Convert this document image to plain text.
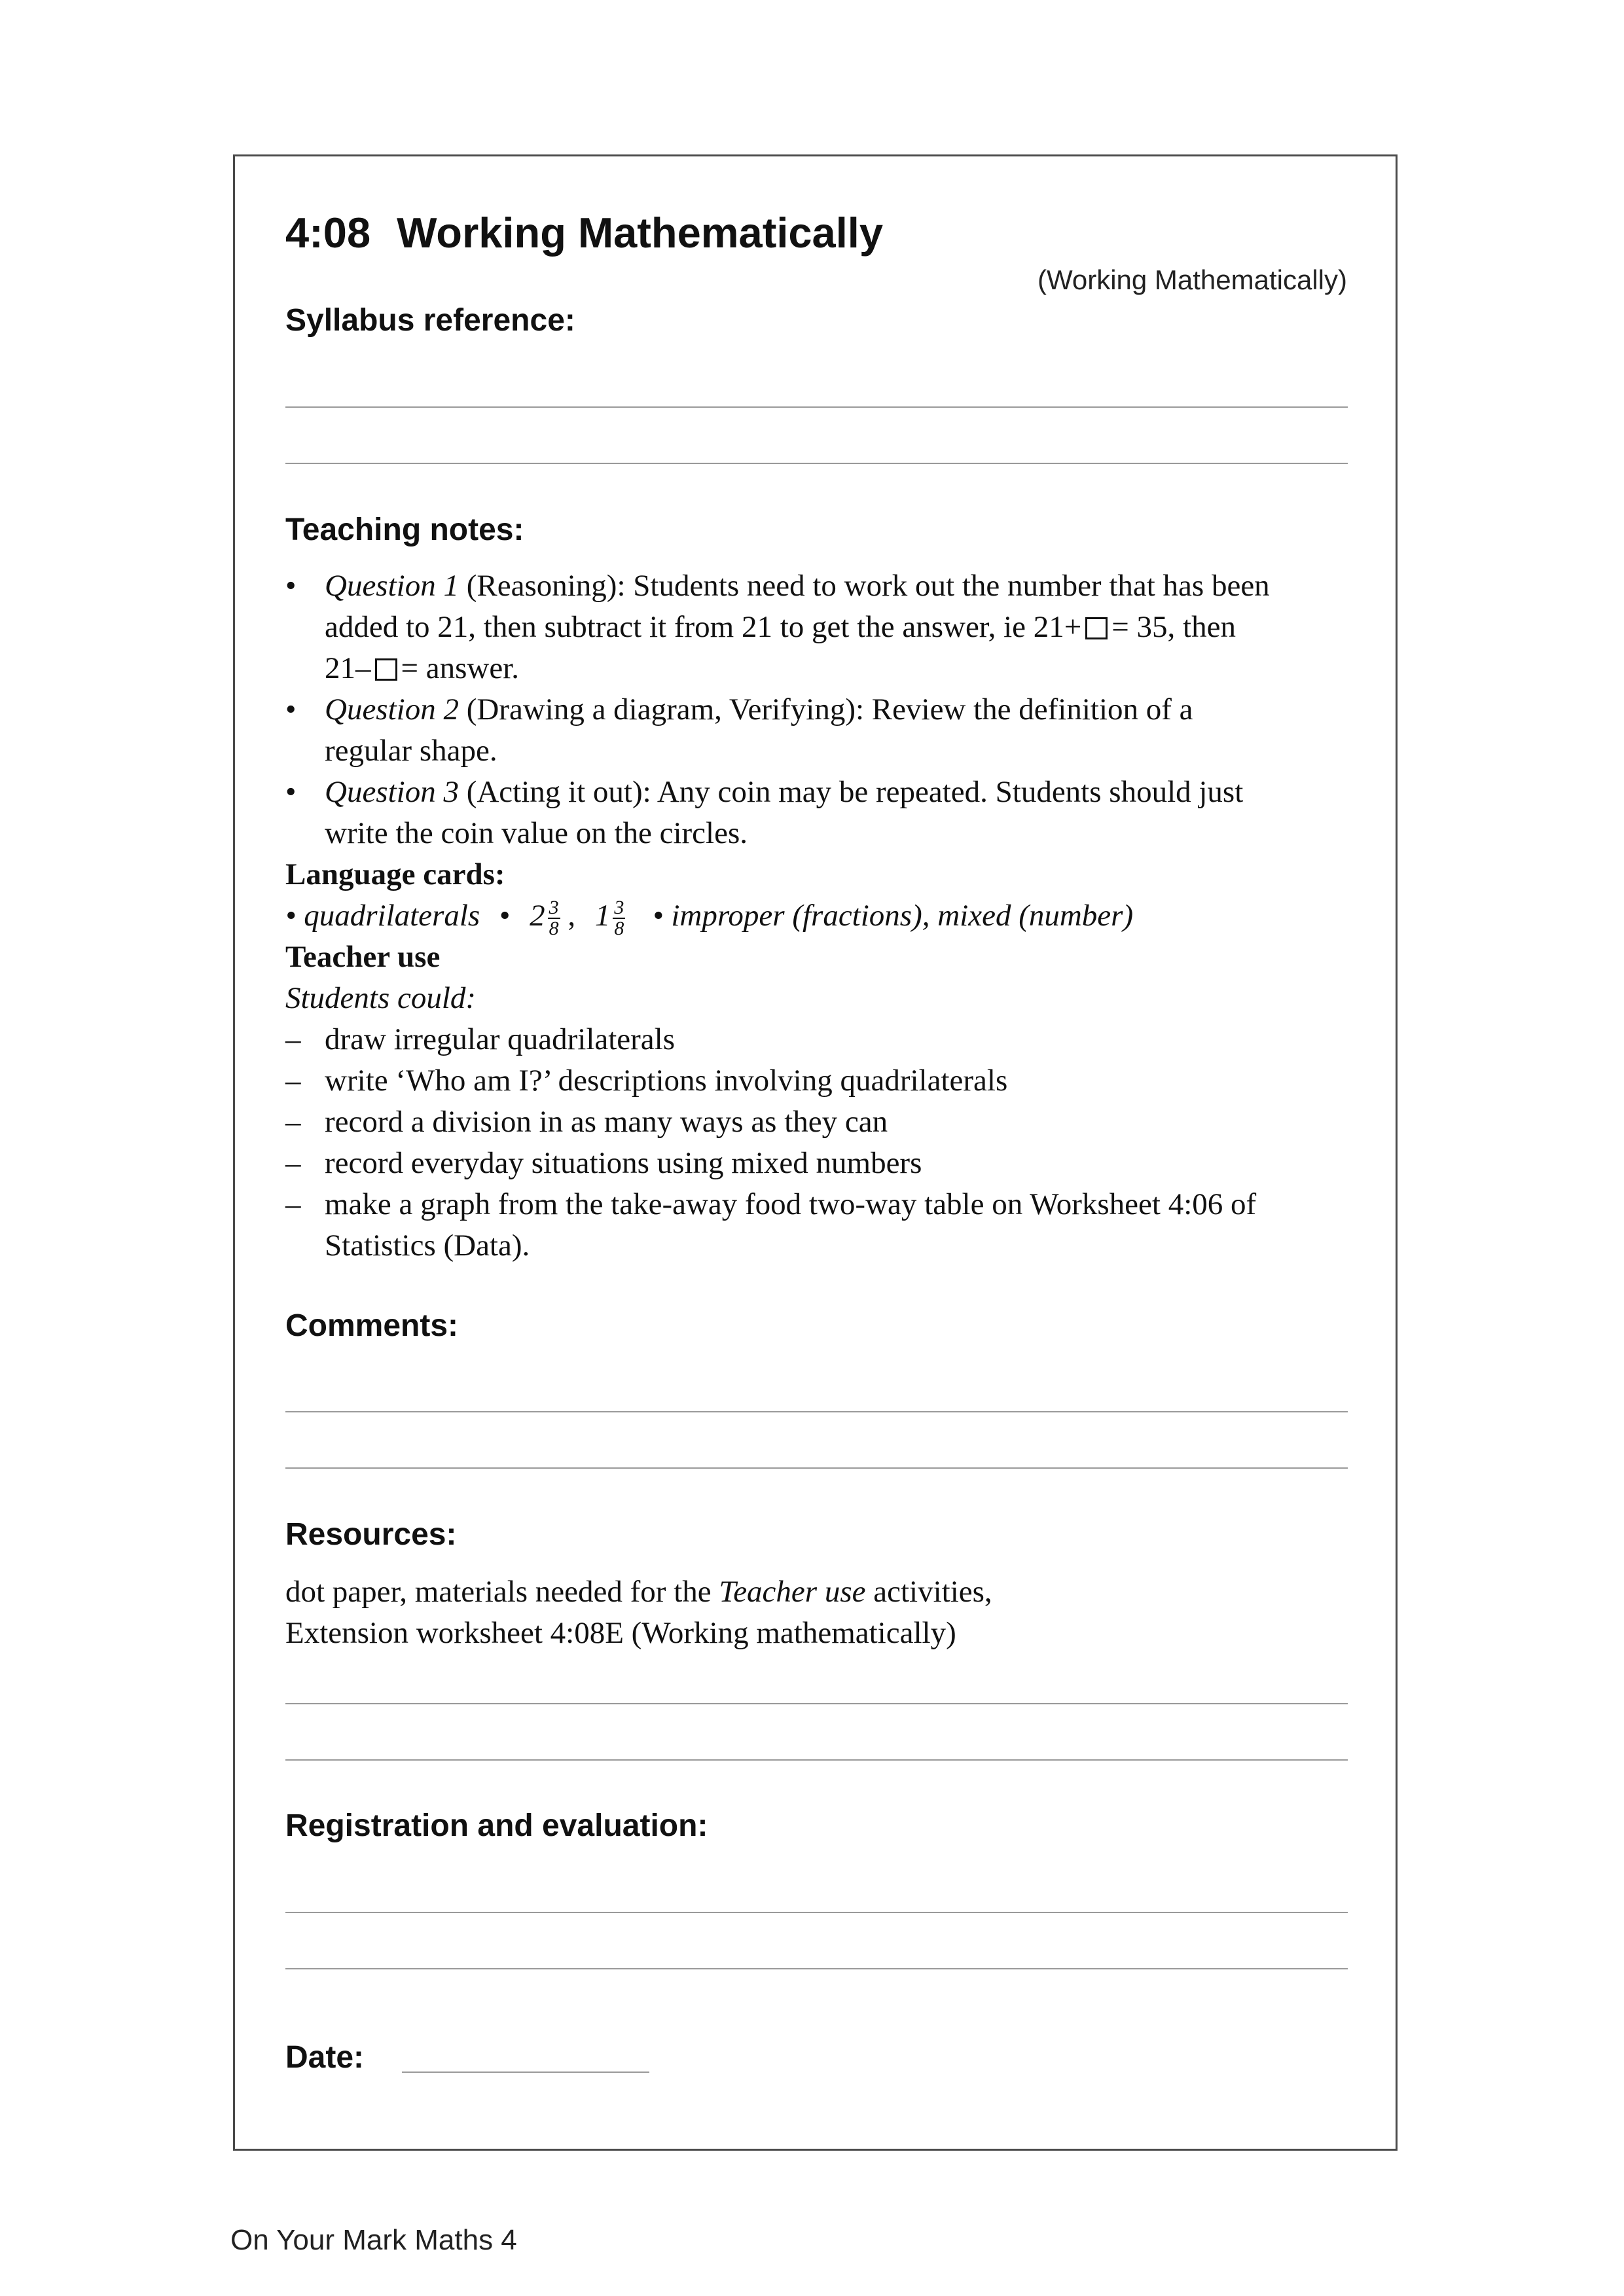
4:08 Working Mathematically
(Working Mathematically)
Syllabus reference:
Teaching notes:
• Question 1 (Reasoning): Students need to work out the number that has been
added to 21, then subtract it from 21 to get the answer, ie 21+ = 35, then
21– = answer.
• Question 2 (Drawing a diagram, Verifying): Review the definition of a
regular shape.
• Question 3 (Acting it out): Any coin may be repeated. Students should just
write the coin value on the circles.
Language cards:
• quadrilaterals • $2 \frac{3}{8}$ , $1 \frac{3}{8}$ • improper (fractions), mixed (number)
Teacher use
Students could:
– draw irregular quadrilaterals
– write ‘Who am I?’ descriptions involving quadrilaterals
– record a division in as many ways as they can
– record everyday situations using mixed numbers
– make a graph from the take-away food two-way table on Worksheet 4:06 of
Statistics (Data).
Comments:
Resources:
dot paper, materials needed for the Teacher use activities,
Extension worksheet 4:08E (Working mathematically)
Registration and evaluation:
Date:
On Your Mark Maths 4
